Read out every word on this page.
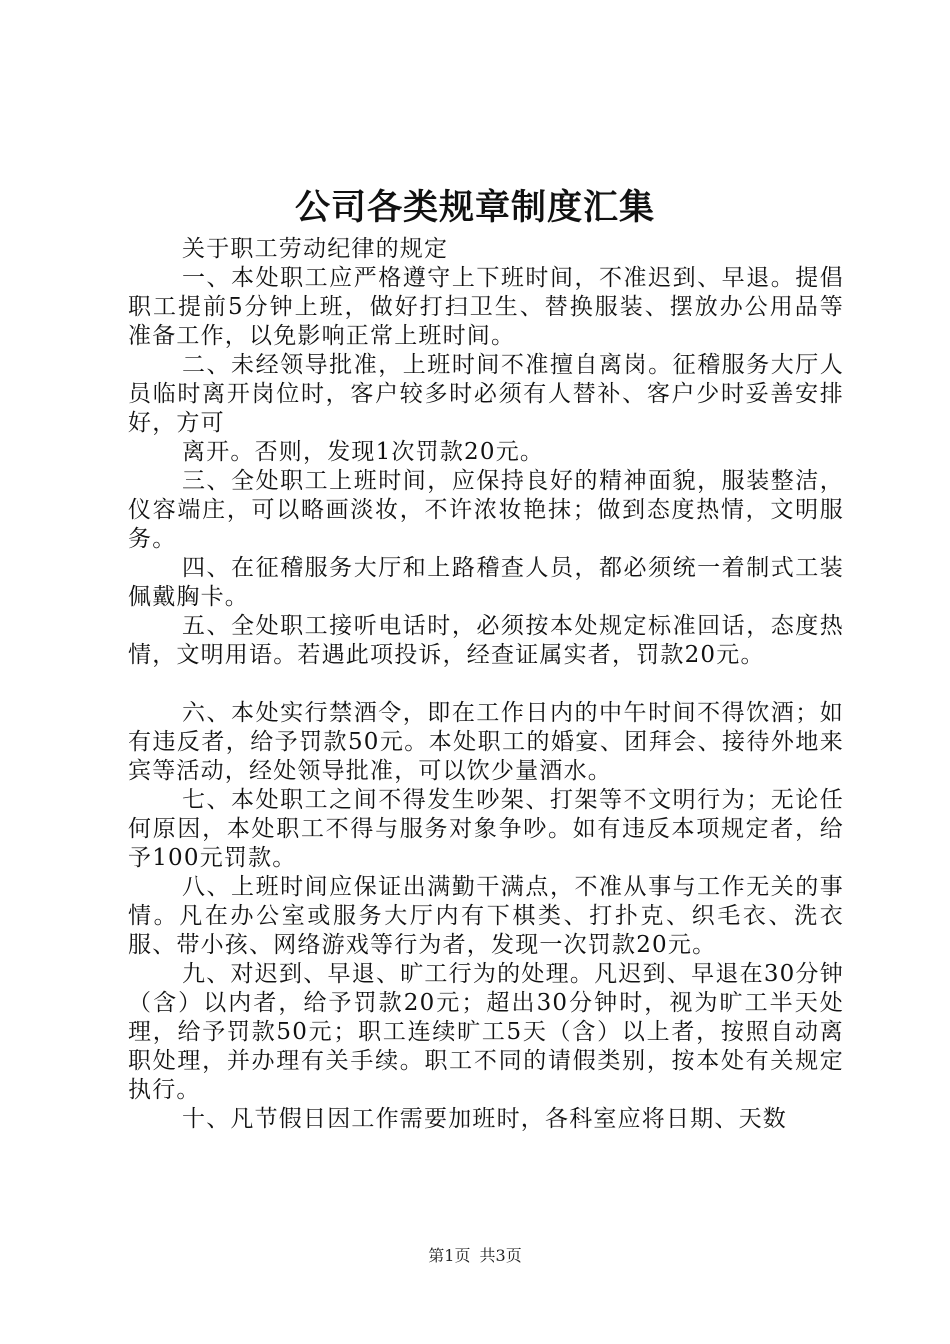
公司各类规章制度汇集

关于职工劳动纪律的规定

一、本处职工应严格遵守上下班时间，不准迟到、早退。提倡职工提前5分钟上班，做好打扫卫生、替换服装、摆放办公用品等准备工作，以免影响正常上班时间。

二、未经领导批准，上班时间不准擅自离岗。征稽服务大厅人员临时离开岗位时，客户较多时必须有人替补、客户少时妥善安排好，方可

离开。否则，发现1次罚款20元。

三、全处职工上班时间，应保持良好的精神面貌，服装整洁，仪容端庄，可以略画淡妆，不许浓妆艳抹；做到态度热情，文明服务。

四、在征稽服务大厅和上路稽查人员，都必须统一着制式工装佩戴胸卡。

五、全处职工接听电话时，必须按本处规定标准回话，态度热情，文明用语。若遇此项投诉，经查证属实者，罚款20元。

六、本处实行禁酒令，即在工作日内的中午时间不得饮酒；如有违反者，给予罚款50元。本处职工的婚宴、团拜会、接待外地来宾等活动，经处领导批准，可以饮少量酒水。

七、本处职工之间不得发生吵架、打架等不文明行为；无论任何原因，本处职工不得与服务对象争吵。如有违反本项规定者，给予100元罚款。

八、上班时间应保证出满勤干满点，不准从事与工作无关的事情。凡在办公室或服务大厅内有下棋类、打扑克、织毛衣、洗衣服、带小孩、网络游戏等行为者，发现一次罚款20元。

九、对迟到、早退、旷工行为的处理。凡迟到、早退在30分钟（含）以内者，给予罚款20元；超出30分钟时，视为旷工半天处理，给予罚款50元；职工连续旷工5天（含）以上者，按照自动离职处理，并办理有关手续。职工不同的请假类别，按本处有关规定执行。

十、凡节假日因工作需要加班时，各科室应将日期、天数

第1页 共3页
